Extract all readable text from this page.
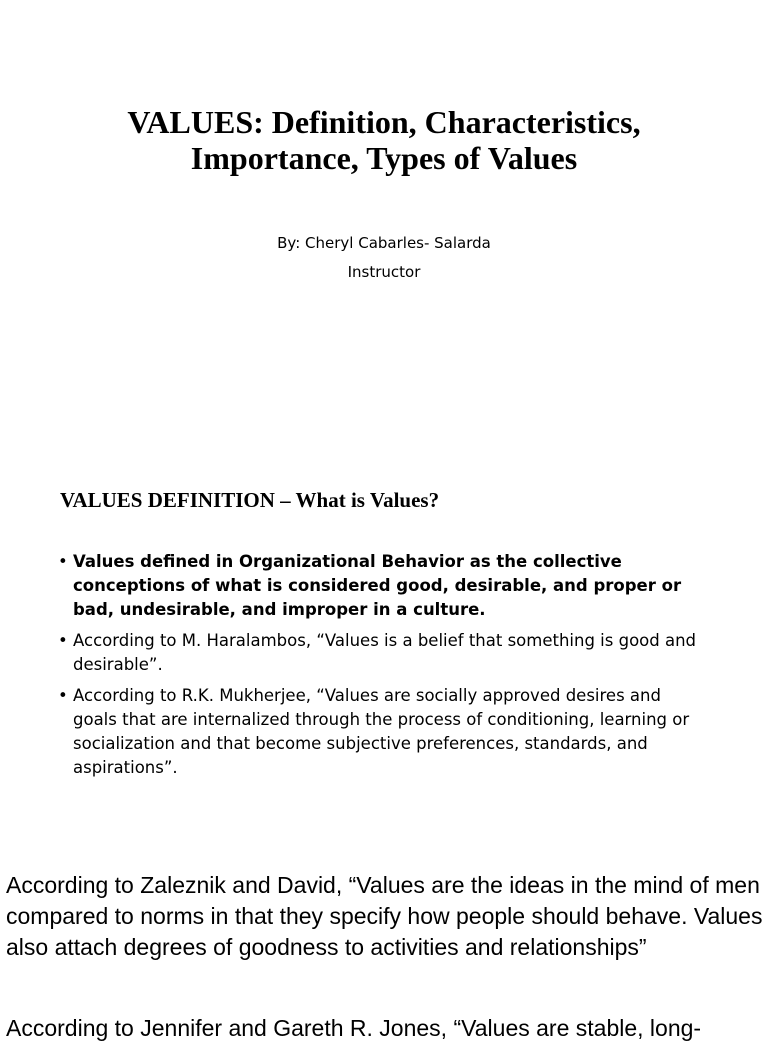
VALUES: Definition, Characteristics,
Importance, Types of Values
By: Cheryl Cabarles- Salarda
Instructor
VALUES DEFINITION – What is Values?
• Values defined in Organizational Behavior as the collective conceptions of what is considered good, desirable, and proper or bad, undesirable, and improper in a culture.
• According to M. Haralambos, “Values is a belief that something is good and desirable”.
• According to R.K. Mukherjee, “Values are socially approved desires and goals that are internalized through the process of conditioning, learning or socialization and that become subjective preferences, standards, and aspirations”.

According to Zaleznik and David, “Values are the ideas in the mind of men compared to norms in that they specify how people should behave. Values also attach degrees of goodness to activities and relationships”

According to Jennifer and Gareth R. Jones, “Values are stable, long-
